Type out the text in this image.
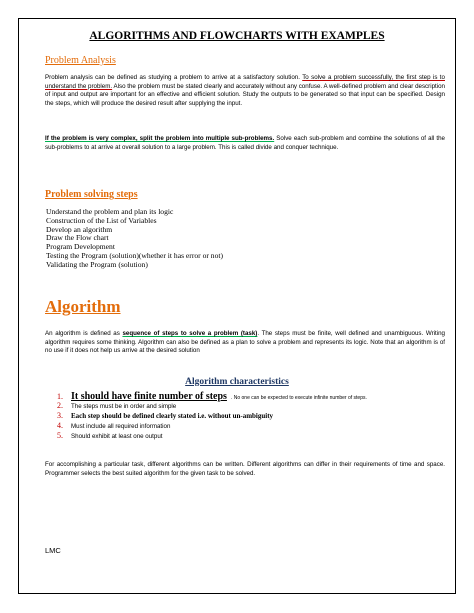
ALGORITHMS AND FLOWCHARTS WITH EXAMPLES
Problem Analysis
Problem analysis can be defined as studying a problem to arrive at a satisfactory solution. To solve a problem successfully, the first step is to understand the problem. Also the problem must be stated clearly and accurately without any confuse. A well-defined problem and clear description of input and output are important for an effective and efficient solution. Study the outputs to be generated so that input can be specified. Design the steps, which will produce the desired result after supplying the input.
If the problem is very complex, split the problem into multiple sub-problems. Solve each sub-problem and combine the solutions of all the sub-problems to at arrive at overall solution to a large problem. This is called divide and conquer technique.
Problem solving steps
Understand the problem and plan its logic
Construction of the List of Variables
Develop an algorithm
Draw the Flow chart
Program Development
Testing the Program (solution)(whether it has error or not)
Validating the Program (solution)
Algorithm
An algorithm is defined as sequence of steps to solve a problem (task). The steps must be finite, well defined and unambiguous. Writing algorithm requires some thinking. Algorithm can also be defined as a plan to solve a problem and represents its logic. Note that an algorithm is of no use if it does not help us arrive at the desired solution
Algorithm characteristics
1. It should have finite number of steps . No one can be expected to execute infinite number of steps.
2.	The steps must be in order and simple
3.	Each step should be defined clearly stated i.e. without un-ambiguity
4.	Must include all required information
5.	Should exhibit at least one output
For accomplishing a particular task, different algorithms can be written. Different algorithms can differ in their requirements of time and space. Programmer selects the best suited algorithm for the given task to be solved.
LMC
